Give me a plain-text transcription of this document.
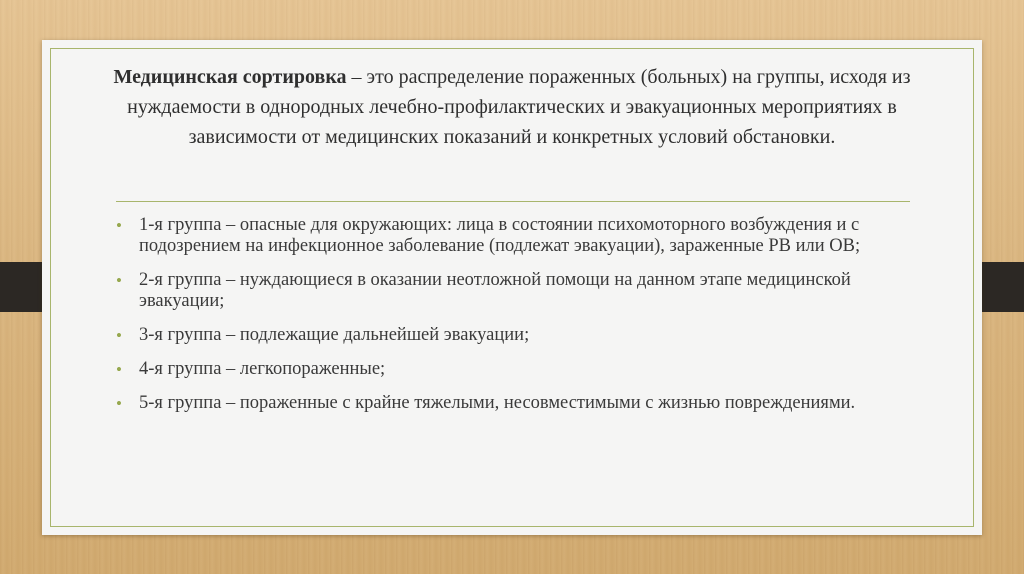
Медицинская сортировка – это распределение пораженных (больных) на группы, исходя из нуждаемости в однородных лечебно-профилактических и эвакуационных мероприятиях в зависимости от медицинских показаний и конкретных условий обстановки.

• 1-я группа – опасные для окружающих: лица в состоянии психомоторного возбуждения и с подозрением на инфекционное заболевание (подлежат эвакуации), зараженные РВ или ОВ;
• 2-я группа – нуждающиеся в оказании неотложной помощи на данном этапе медицинской эвакуации;
• 3-я группа – подлежащие дальнейшей эвакуации;
• 4-я группа – легкопораженные;
• 5-я группа – пораженные с крайне тяжелыми, несовместимыми с жизнью повреждениями.
